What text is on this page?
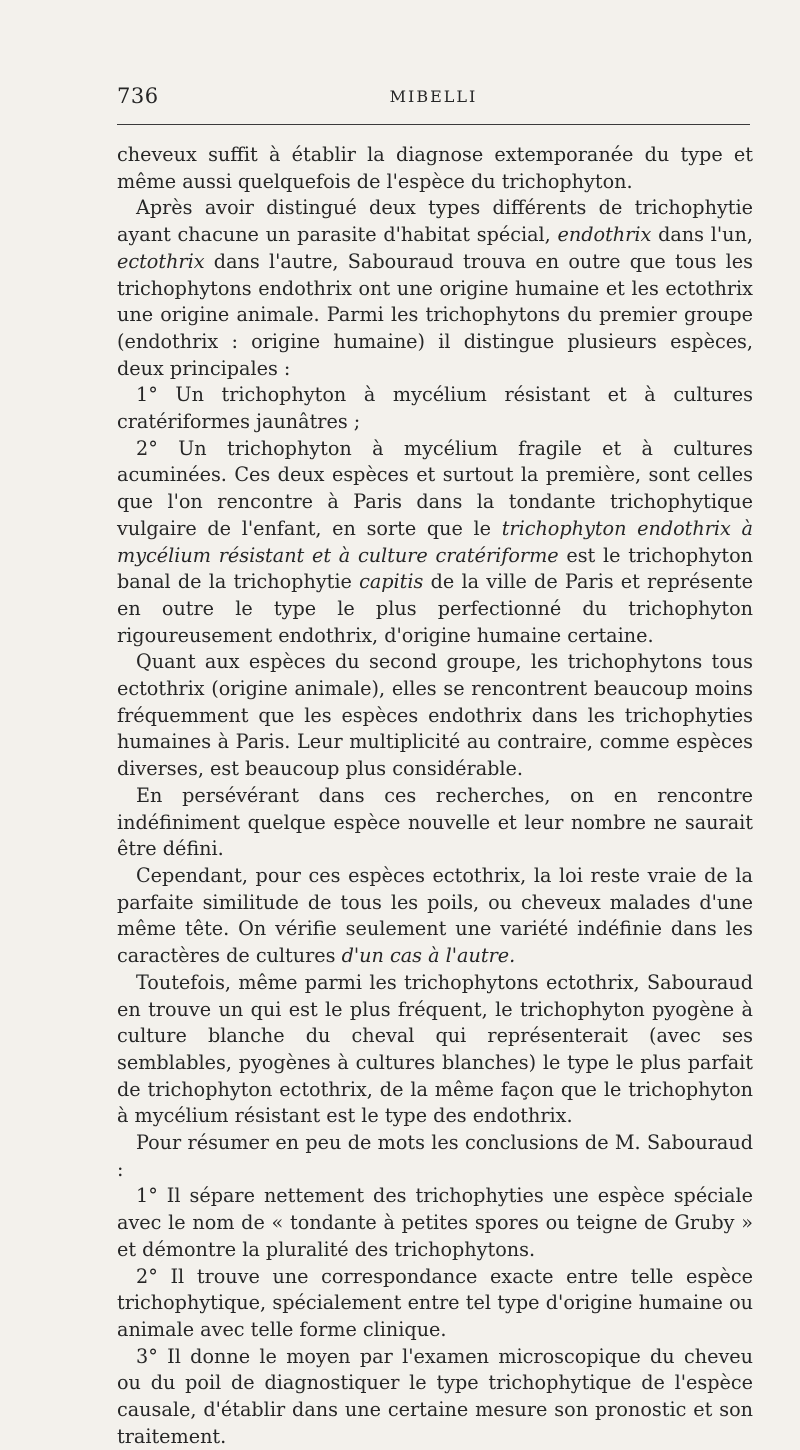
736	MIBELLI

cheveux suffit à établir la diagnose extemporanée du type et même aussi quelquefois de l'espèce du trichophyton.

Après avoir distingué deux types différents de trichophytie ayant chacune un parasite d'habitat spécial, endothrix dans l'un, ectothrix dans l'autre, Sabouraud trouva en outre que tous les trichophytons endothrix ont une origine humaine et les ectothrix une origine animale. Parmi les trichophytons du premier groupe (endothrix : origine humaine) il distingue plusieurs espèces, deux principales :

1° Un trichophyton à mycélium résistant et à cultures cratériformes jaunâtres ;

2° Un trichophyton à mycélium fragile et à cultures acuminées. Ces deux espèces et surtout la première, sont celles que l'on rencontre à Paris dans la tondante trichophytique vulgaire de l'enfant, en sorte que le trichophyton endothrix à mycélium résistant et à culture cratériforme est le trichophyton banal de la trichophytie capitis de la ville de Paris et représente en outre le type le plus perfectionné du trichophyton rigoureusement endothrix, d'origine humaine certaine.

Quant aux espèces du second groupe, les trichophytons tous ectothrix (origine animale), elles se rencontrent beaucoup moins fréquemment que les espèces endothrix dans les trichophyties humaines à Paris. Leur multiplicité au contraire, comme espèces diverses, est beaucoup plus considérable.

En persévérant dans ces recherches, on en rencontre indéfiniment quelque espèce nouvelle et leur nombre ne saurait être défini.

Cependant, pour ces espèces ectothrix, la loi reste vraie de la parfaite similitude de tous les poils, ou cheveux malades d'une même tête. On vérifie seulement une variété indéfinie dans les caractères de cultures d'un cas à l'autre.

Toutefois, même parmi les trichophytons ectothrix, Sabouraud en trouve un qui est le plus fréquent, le trichophyton pyogène à culture blanche du cheval qui représenterait (avec ses semblables, pyogènes à cultures blanches) le type le plus parfait de trichophyton ectothrix, de la même façon que le trichophyton à mycélium résistant est le type des endothrix.

Pour résumer en peu de mots les conclusions de M. Sabouraud :

1° Il sépare nettement des trichophyties une espèce spéciale avec le nom de « tondante à petites spores ou teigne de Gruby » et démontre la pluralité des trichophytons.

2° Il trouve une correspondance exacte entre telle espèce trichophytique, spécialement entre tel type d'origine humaine ou animale avec telle forme clinique.

3° Il donne le moyen par l'examen microscopique du cheveu ou du poil de diagnostiquer le type trichophytique de l'espèce causale, d'établir dans une certaine mesure son pronostic et son traitement.
